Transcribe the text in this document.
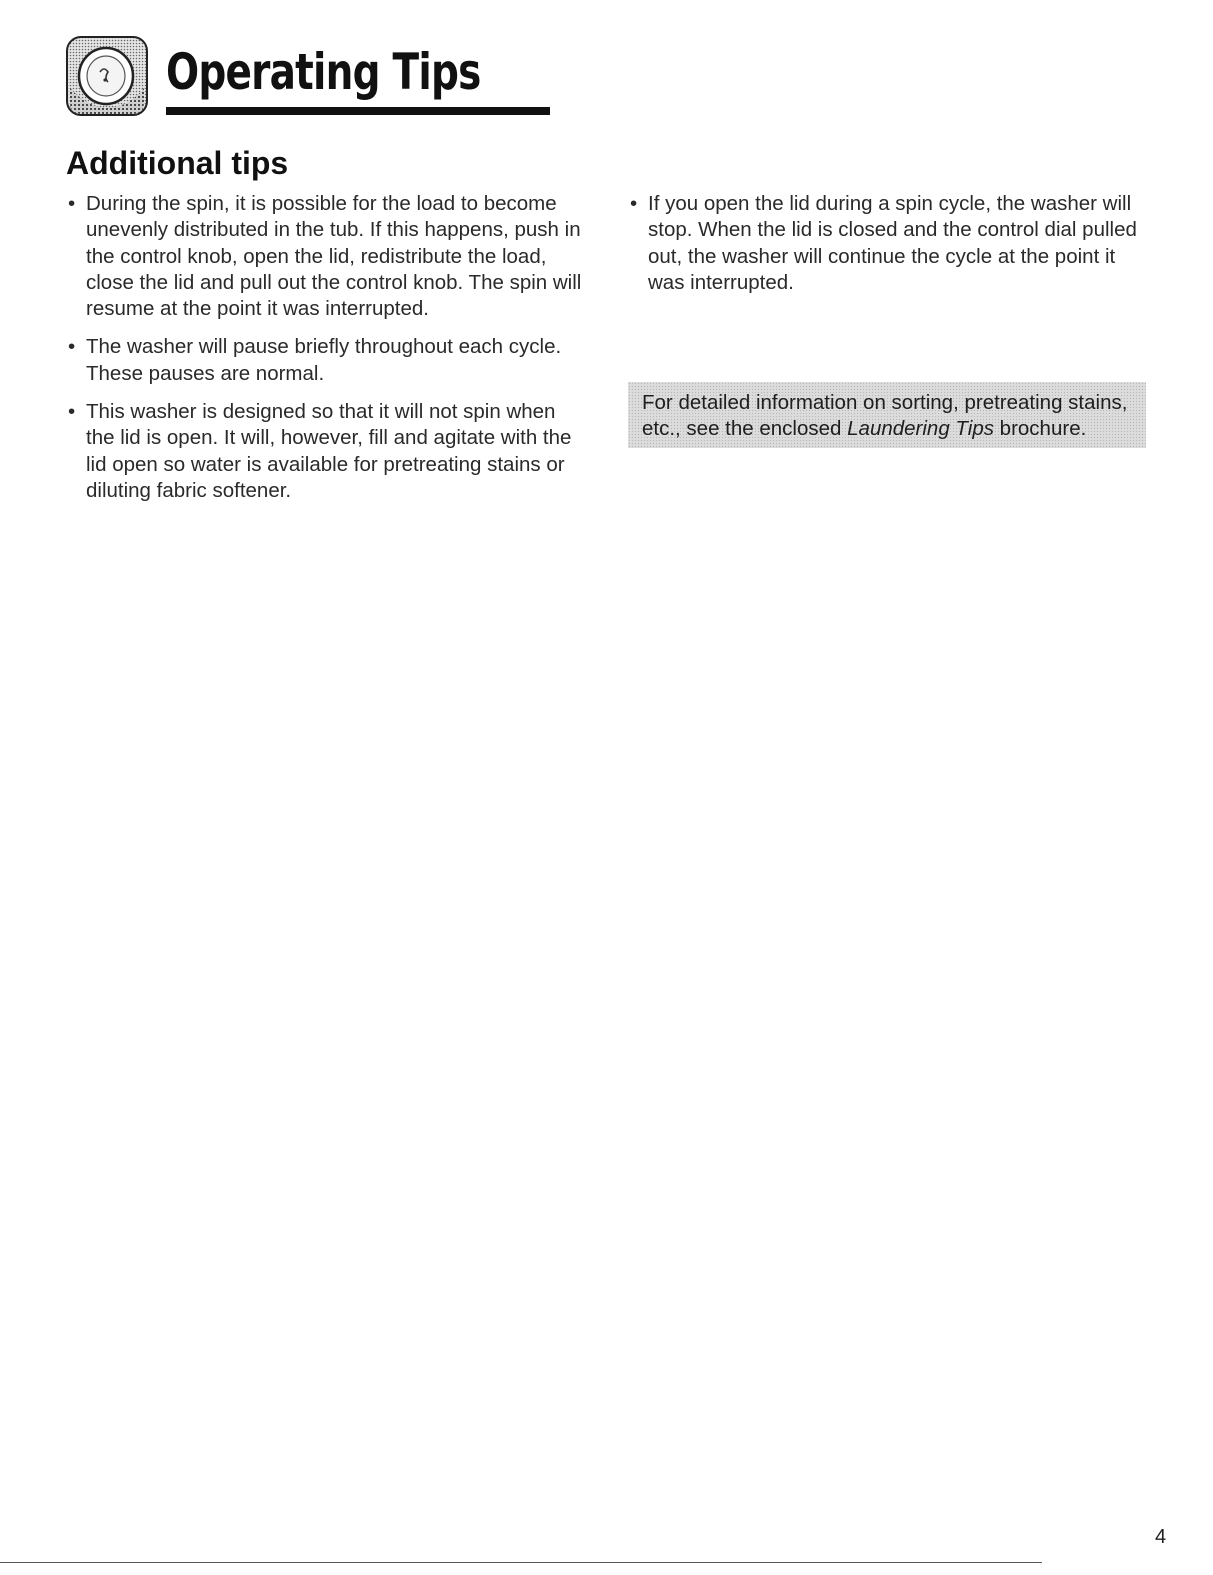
Operating Tips
Additional tips
• During the spin, it is possible for the load to become unevenly distributed in the tub. If this happens, push in the control knob, open the lid, redistribute the load, close the lid and pull out the control knob. The spin will resume at the point it was interrupted.
• The washer will pause briefly throughout each cycle. These pauses are normal.
• This washer is designed so that it will not spin when the lid is open. It will, however, fill and agitate with the lid open so water is available for pretreating stains or diluting fabric softener.
• If you open the lid during a spin cycle, the washer will stop. When the lid is closed and the control dial pulled out, the washer will continue the cycle at the point it was interrupted.
For detailed information on sorting, pretreating stains, etc., see the enclosed Laundering Tips brochure.
4
